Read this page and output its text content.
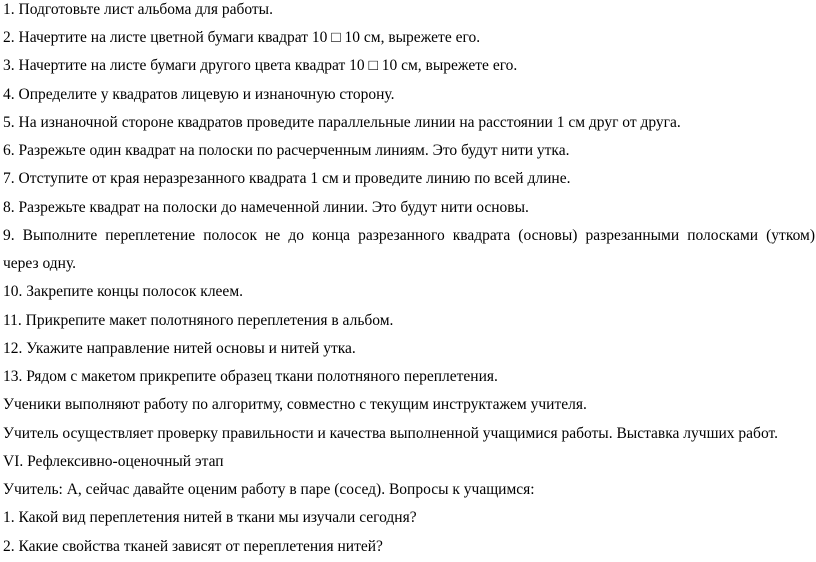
1. Подготовьте лист альбома для работы.
2. Начертите на листе цветной бумаги квадрат 10 □ 10 см, вырежете его.
3. Начертите на листе бумаги другого цвета квадрат 10 □ 10 см, вырежете его.
4. Определите у квадратов лицевую и изнаночную сторону.
5. На изнаночной стороне квадратов проведите параллельные линии на расстоянии 1 см друг от друга.
6. Разрежьте один квадрат на полоски по расчерченным линиям. Это будут нити утка.
7. Отступите от края неразрезанного квадрата 1 см и проведите линию по всей длине.
8. Разрежьте квадрат на полоски до намеченной линии. Это будут нити основы.
9. Выполните переплетение полосок не до конца разрезанного квадрата (основы) разрезанными полосками (утком)
через одну.
10. Закрепите концы полосок клеем.
11. Прикрепите макет полотняного переплетения в альбом.
12. Укажите направление нитей основы и нитей утка.
13. Рядом с макетом прикрепите образец ткани полотняного переплетения.
Ученики выполняют работу по алгоритму, совместно с текущим инструктажем учителя.
Учитель осуществляет проверку правильности и качества выполненной учащимися работы. Выставка лучших работ.
VI. Рефлексивно-оценочный этап
Учитель: А, сейчас давайте оценим работу в паре (сосед). Вопросы к учащимся:
1. Какой вид переплетения нитей в ткани мы изучали сегодня?
2. Какие свойства тканей зависят от переплетения нитей?
